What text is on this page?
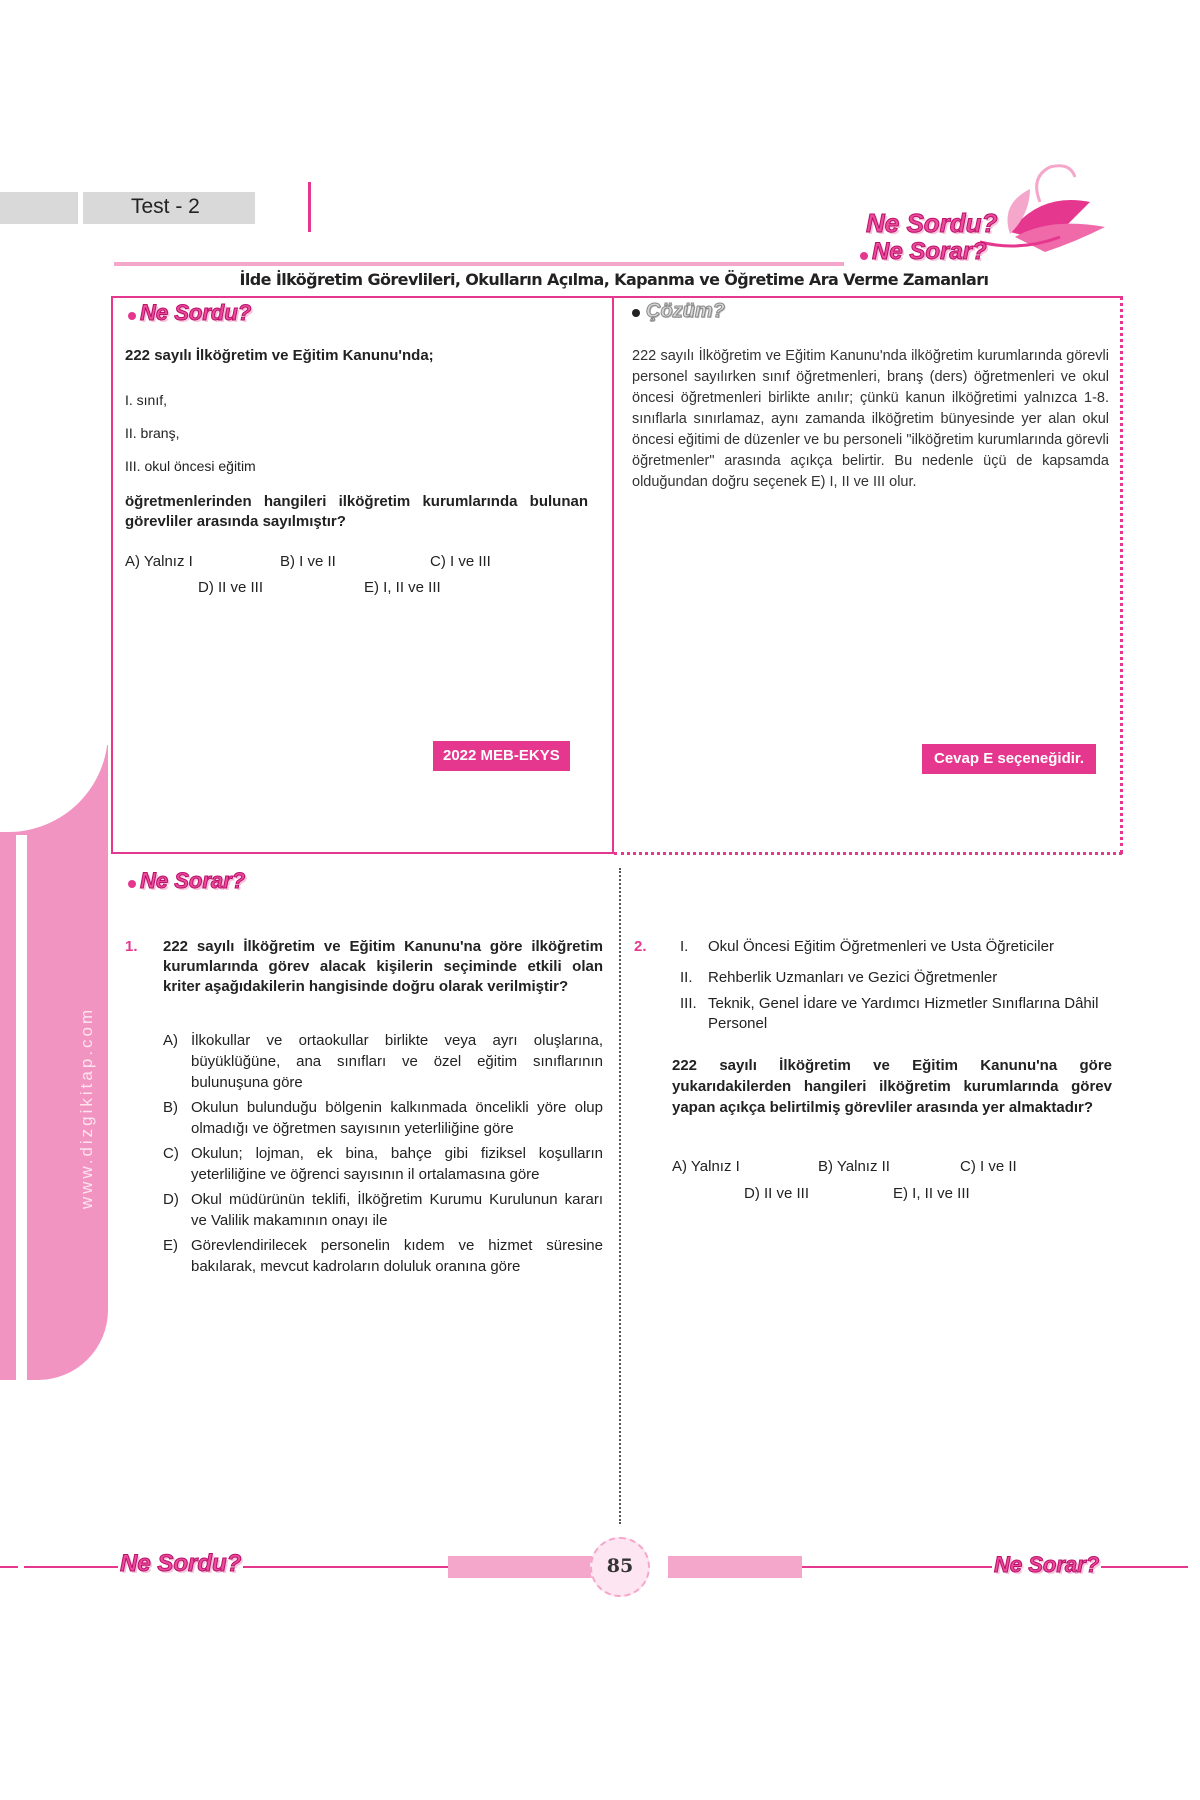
Test - 2
Ne Sordu?
Ne Sorar?
İlde İlköğretim Görevlileri, Okulların Açılma, Kapanma ve Öğretime Ara Verme Zamanları
Ne Sordu?
222 sayılı İlköğretim ve Eğitim Kanunu'nda;
I. sınıf,
II. branş,
III. okul öncesi eğitim
öğretmenlerinden hangileri ilköğretim kurumlarında bulunan görevliler arasında sayılmıştır?
A) Yalnız I	B) I ve II	C) I ve III
D) II ve III	E) I, II ve III
2022 MEB-EKYS
Çözüm?
222 sayılı İlköğretim ve Eğitim Kanunu'nda ilköğretim kurumlarında görevli personel sayılırken sınıf öğretmenleri, branş (ders) öğretmenleri ve okul öncesi öğretmenleri birlikte anılır; çünkü kanun ilköğretimi yalnızca 1-8. sınıflarla sınırlamaz, aynı zamanda ilköğretim bünyesinde yer alan okul öncesi eğitimi de düzenler ve bu personeli "ilköğretim kurumlarında görevli öğretmenler" arasında açıkça belirtir. Bu nedenle üçü de kapsamda olduğundan doğru seçenek E) I, II ve III olur.
Cevap E seçeneğidir.
Ne Sorar?
1. 222 sayılı İlköğretim ve Eğitim Kanunu'na göre ilköğretim kurumlarında görev alacak kişilerin seçiminde etkili olan kriter aşağıdakilerin hangisinde doğru olarak verilmiştir?
A) İlkokullar ve ortaokullar birlikte veya ayrı oluşlarına, büyüklüğüne, ana sınıfları ve özel eğitim sınıflarının bulunuşuna göre
B) Okulun bulunduğu bölgenin kalkınmada öncelikli yöre olup olmadığı ve öğretmen sayısının yeterliliğine göre
C) Okulun; lojman, ek bina, bahçe gibi fiziksel koşulların yeterliliğine ve öğrenci sayısının il ortalamasına göre
D) Okul müdürünün teklifi, İlköğretim Kurumu Kurulunun kararı ve Valilik makamının onayı ile
E) Görevlendirilecek personelin kıdem ve hizmet süresine bakılarak, mevcut kadroların doluluk oranına göre
2. I.	Okul Öncesi Eğitim Öğretmenleri ve Usta Öğreticiler
II.	Rehberlik Uzmanları ve Gezici Öğretmenler
III. Teknik, Genel İdare ve Yardımcı Hizmetler Sınıflarına Dâhil Personel
222 sayılı İlköğretim ve Eğitim Kanunu'na göre yukarıdakilerden hangileri ilköğretim kurumlarında görev yapan açıkça belirtilmiş görevliler arasında yer almaktadır?
A) Yalnız I	B) Yalnız II	C) I ve II
D) II ve III	E) I, II ve III
www.dizgikitap.com
Ne Sordu?	85	Ne Sorar?
